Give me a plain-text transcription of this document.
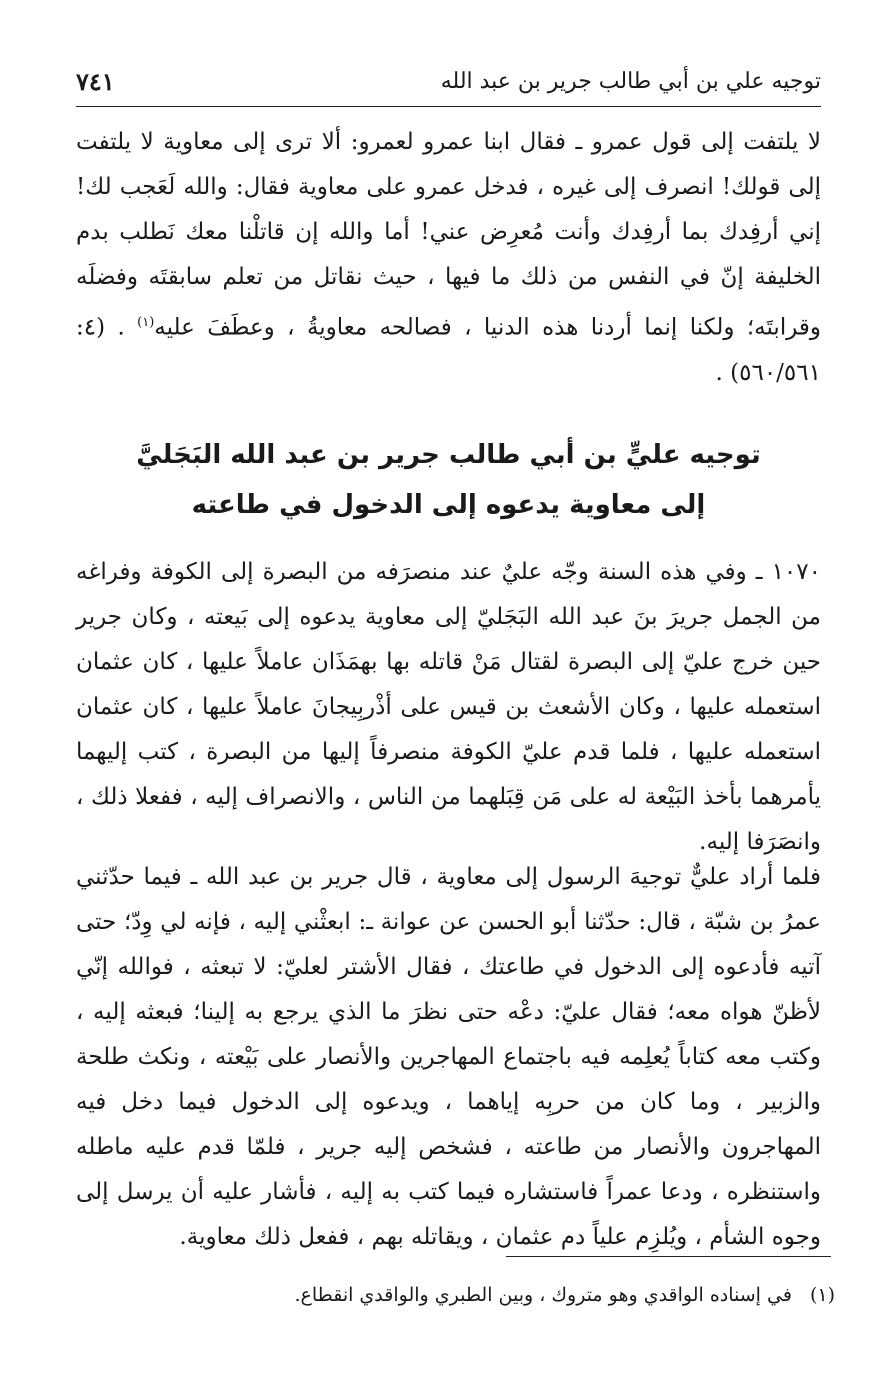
توجيه علي بن أبي طالب جرير بن عبد الله
٧٤١
لا يلتفت إلى قول عمرو ـ فقال ابنا عمرو لعمرو: ألا ترى إلى معاوية لا يلتفت إلى قولك! انصرف إلى غيره ، فدخل عمرو على معاوية فقال: والله لَعَجب لك! إني أرفِدك بما أرفِدك وأنت مُعرِض عني! أما والله إن قاتلْنا معك نَطلب بدم الخليفة إنّ في النفس من ذلك ما فيها ، حيث نقاتل من تعلم سابقتَه وفضلَه وقرابتَه؛ ولكنا إنما أردنا هذه الدنيا ، فصالحه معاويةُ ، وعطَفَ عليه$^{(١)}$ . (٤: ٥٦٠/٥٦١) .
توجيه عليٍّ بن أبي طالب جرير بن عبد الله البَجَليَّ
إلى معاوية يدعوه إلى الدخول في طاعته
١٠٧٠ ـ وفي هذه السنة وجّه عليٌ عند منصرَفه من البصرة إلى الكوفة وفراغه من الجمل جريرَ بنَ عبد الله البَجَليّ إلى معاوية يدعوه إلى بَيعته ، وكان جرير حين خرج عليّ إلى البصرة لقتال مَنْ قاتله بها بهمَذَان عاملاً عليها ، كان عثمان استعمله عليها ، وكان الأشعث بن قيس على أذْربِيجانَ عاملاً عليها ، كان عثمان استعمله عليها ، فلما قدم عليّ الكوفة منصرفاً إليها من البصرة ، كتب إليهما يأمرهما بأخذ البَيْعة له على مَن قِبَلهما من الناس ، والانصراف إليه ، ففعلا ذلك ، وانصَرَفا إليه.
فلما أراد عليٌّ توجيهَ الرسول إلى معاوية ، قال جرير بن عبد الله ـ فيما حدّثني عمرُ بن شبّة ، قال: حدّثنا أبو الحسن عن عوانة ـ: ابعثْني إليه ، فإنه لي وِدّ؛ حتى آتيه فأدعوه إلى الدخول في طاعتك ، فقال الأشتر لعليّ: لا تبعثه ، فوالله إنّي لأظنّ هواه معه؛ فقال عليّ: دعْه حتى نظرَ ما الذي يرجع به إلينا؛ فبعثه إليه ، وكتب معه كتاباً يُعلِمه فيه باجتماع المهاجرين والأنصار على بَيْعته ، ونكث طلحة والزبير ، وما كان من حربِه إياهما ، ويدعوه إلى الدخول فيما دخل فيه المهاجرون والأنصار من طاعته ، فشخص إليه جرير ، فلمّا قدم عليه ماطله واستنظره ، ودعا عمراً فاستشاره فيما كتب به إليه ، فأشار عليه أن يرسل إلى وجوه الشأم ، ويُلزِم علياً دم عثمان ، ويقاتله بهم ، ففعل ذلك معاوية.
(١)في إسناده الواقدي وهو متروك ، وبين الطبري والواقدي انقطاع.
